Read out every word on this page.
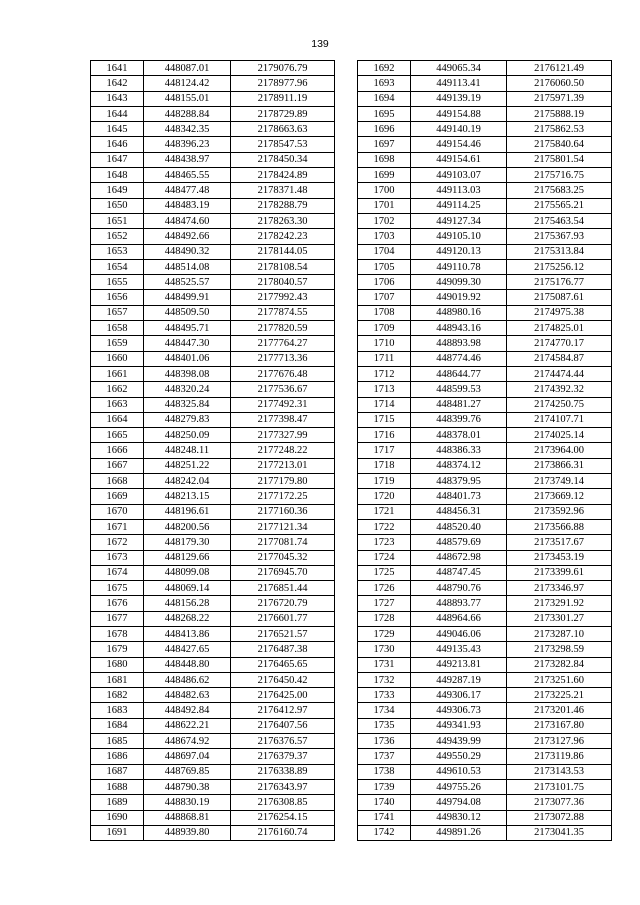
139
1641	448087.01	2179076.79
1642	448124.42	2178977.96
1643	448155.01	2178911.19
1644	448288.84	2178729.89
1645	448342.35	2178663.63
1646	448396.23	2178547.53
1647	448438.97	2178450.34
1648	448465.55	2178424.89
1649	448477.48	2178371.48
1650	448483.19	2178288.79
1651	448474.60	2178263.30
1652	448492.66	2178242.23
1653	448490.32	2178144.05
1654	448514.08	2178108.54
1655	448525.57	2178040.57
1656	448499.91	2177992.43
1657	448509.50	2177874.55
1658	448495.71	2177820.59
1659	448447.30	2177764.27
1660	448401.06	2177713.36
1661	448398.08	2177676.48
1662	448320.24	2177536.67
1663	448325.84	2177492.31
1664	448279.83	2177398.47
1665	448250.09	2177327.99
1666	448248.11	2177248.22
1667	448251.22	2177213.01
1668	448242.04	2177179.80
1669	448213.15	2177172.25
1670	448196.61	2177160.36
1671	448200.56	2177121.34
1672	448179.30	2177081.74
1673	448129.66	2177045.32
1674	448099.08	2176945.70
1675	448069.14	2176851.44
1676	448156.28	2176720.79
1677	448268.22	2176601.77
1678	448413.86	2176521.57
1679	448427.65	2176487.38
1680	448448.80	2176465.65
1681	448486.62	2176450.42
1682	448482.63	2176425.00
1683	448492.84	2176412.97
1684	448622.21	2176407.56
1685	448674.92	2176376.57
1686	448697.04	2176379.37
1687	448769.85	2176338.89
1688	448790.38	2176343.97
1689	448830.19	2176308.85
1690	448868.81	2176254.15
1691	448939.80	2176160.74
1692	449065.34	2176121.49
1693	449113.41	2176060.50
1694	449139.19	2175971.39
1695	449154.88	2175888.19
1696	449140.19	2175862.53
1697	449154.46	2175840.64
1698	449154.61	2175801.54
1699	449103.07	2175716.75
1700	449113.03	2175683.25
1701	449114.25	2175565.21
1702	449127.34	2175463.54
1703	449105.10	2175367.93
1704	449120.13	2175313.84
1705	449110.78	2175256.12
1706	449099.30	2175176.77
1707	449019.92	2175087.61
1708	448980.16	2174975.38
1709	448943.16	2174825.01
1710	448893.98	2174770.17
1711	448774.46	2174584.87
1712	448644.77	2174474.44
1713	448599.53	2174392.32
1714	448481.27	2174250.75
1715	448399.76	2174107.71
1716	448378.01	2174025.14
1717	448386.33	2173964.00
1718	448374.12	2173866.31
1719	448379.95	2173749.14
1720	448401.73	2173669.12
1721	448456.31	2173592.96
1722	448520.40	2173566.88
1723	448579.69	2173517.67
1724	448672.98	2173453.19
1725	448747.45	2173399.61
1726	448790.76	2173346.97
1727	448893.77	2173291.92
1728	448964.66	2173301.27
1729	449046.06	2173287.10
1730	449135.43	2173298.59
1731	449213.81	2173282.84
1732	449287.19	2173251.60
1733	449306.17	2173225.21
1734	449306.73	2173201.46
1735	449341.93	2173167.80
1736	449439.99	2173127.96
1737	449550.29	2173119.86
1738	449610.53	2173143.53
1739	449755.26	2173101.75
1740	449794.08	2173077.36
1741	449830.12	2173072.88
1742	449891.26	2173041.35
